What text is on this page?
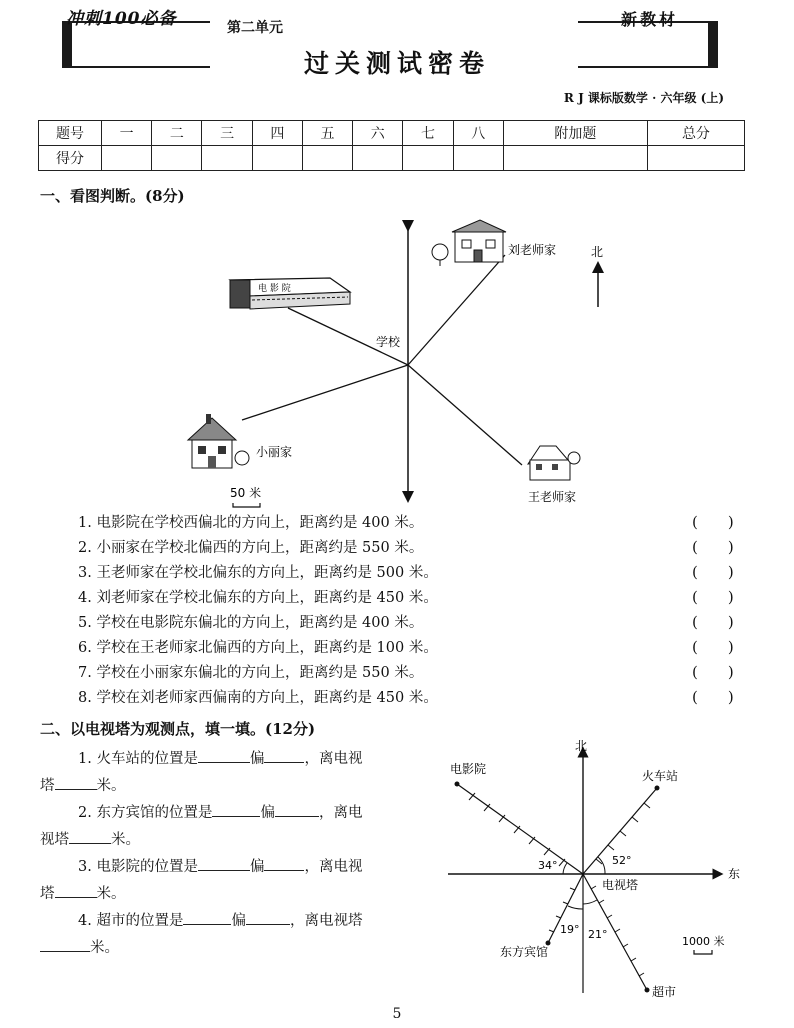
冲刺100必备	第二单元	新教材
过关测试密卷
R J 课标版数学 · 六年级 (上)
题号	一	二	三	四	五	六	七	八	附加题	总分
得分										
一、看图判断。(8分)
北
电 影 院
刘老师家
学校
小丽家
王老师家
50 米
1. 电影院在学校西偏北的方向上，距离约是 400 米。
2. 小丽家在学校北偏西的方向上，距离约是 550 米。
3. 王老师家在学校北偏东的方向上，距离约是 500 米。
4. 刘老师家在学校北偏东的方向上，距离约是 450 米。
5. 学校在电影院东偏北的方向上，距离约是 400 米。
6. 学校在王老师家北偏西的方向上，距离约是 100 米。
7. 学校在小丽家东偏北的方向上，距离约是 550 米。
8. 学校在刘老师家西偏南的方向上，距离约是 450 米。
(　　)
(　　)
(　　)
(　　)
(　　)
(　　)
(　　)
(　　)
二、以电视塔为观测点，填一填。(12分)
1. 火车站的位置是	偏	，离电视
塔	米。
2. 东方宾馆的位置是	偏	，离电
视塔	米。
3. 电影院的位置是	偏	，离电视
塔	米。
4. 超市的位置是	偏	，离电视塔
米。
北
东
电影院	火车站
东方宾馆
超市
34°	52°
19° 21°
电视塔
1000 米
5
